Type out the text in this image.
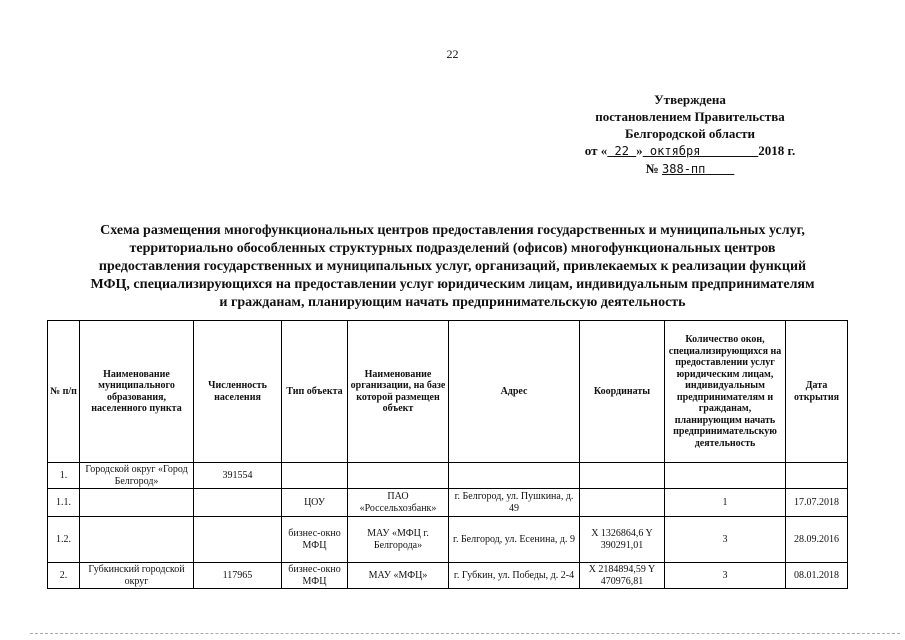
22
Утверждена
постановлением Правительства
Белгородской области
от « 22 » октября	2018 г.
№ 388-пп
Схема размещения многофункциональных центров предоставления государственных и муниципальных услуг,
территориально обособленных структурных подразделений (офисов) многофункциональных центров
предоставления государственных и муниципальных услуг, организаций, привлекаемых к реализации функций
МФЦ, специализирующихся на предоставлении услуг юридическим лицам, индивидуальным предпринимателям
и гражданам, планирующим начать предпринимательскую деятельность
№ п/п	Наименование муниципального образования, населенного пункта	Численность населения	Тип объекта	Наименование организации, на базе которой размещен объект	Адрес	Координаты	Количество окон, специализирующихся на предоставлении услуг юридическим лицам, индивидуальным предпринимателям и гражданам, планирующим начать предпринимательскую деятельность	Дата открытия
1.	Городской округ «Город Белгород»	391554						
1.1.			ЦОУ	ПАО «Россельхозбанк»	г. Белгород, ул. Пушкина, д. 49		1	17.07.2018
1.2.			бизнес-окно МФЦ	МАУ «МФЦ г. Белгорода»	г. Белгород, ул. Есенина, д. 9	X 1326864,6 Y 390291,01	3	28.09.2016
2.	Губкинский городской округ	117965	бизнес-окно МФЦ	МАУ «МФЦ»	г. Губкин, ул. Победы, д. 2-4	X 2184894,59 Y 470976,81	3	08.01.2018
